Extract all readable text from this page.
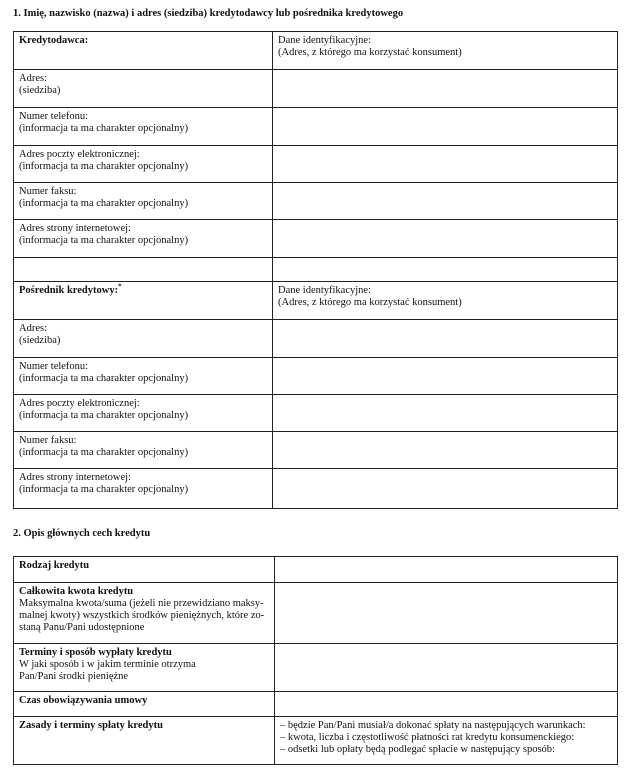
1. Imię, nazwisko (nazwa) i adres (siedziba) kredytodawcy lub pośrednika kredytowego
Kredytodawca:	Dane identyfikacyjne:
(Adres, z którego ma korzystać konsument)

Adres:
(siedziba)	

Numer telefonu:
(informacja ta ma charakter opcjonalny)	

Adres poczty elektronicznej:
(informacja ta ma charakter opcjonalny)	

Numer faksu:
(informacja ta ma charakter opcjonalny)	

Adres strony internetowej:
(informacja ta ma charakter opcjonalny)	

Pośrednik kredytowy:*	Dane identyfikacyjne:
(Adres, z którego ma korzystać konsument)

Adres:
(siedziba)	

Numer telefonu:
(informacja ta ma charakter opcjonalny)	

Adres poczty elektronicznej:
(informacja ta ma charakter opcjonalny)	

Numer faksu:
(informacja ta ma charakter opcjonalny)	

Adres strony internetowej:
(informacja ta ma charakter opcjonalny)	

2. Opis głównych cech kredytu
Rodzaj kredytu	

Całkowita kwota kredytu
Maksymalna kwota/suma (jeżeli nie przewidziano maksy-
malnej kwoty) wszystkich środków pieniężnych, które zo-
staną Panu/Pani udostępnione	

Terminy i sposób wypłaty kredytu
W jaki sposób i w jakim terminie otrzyma
Pan/Pani środki pieniężne	

Czas obowiązywania umowy	

Zasady i terminy spłaty kredytu	– będzie Pan/Pani musiał/a dokonać spłaty na następujących warunkach:
– kwota, liczba i częstotliwość płatności rat kredytu konsumenckiego:
– odsetki lub opłaty będą podlegać spłacie w następujący sposób:
